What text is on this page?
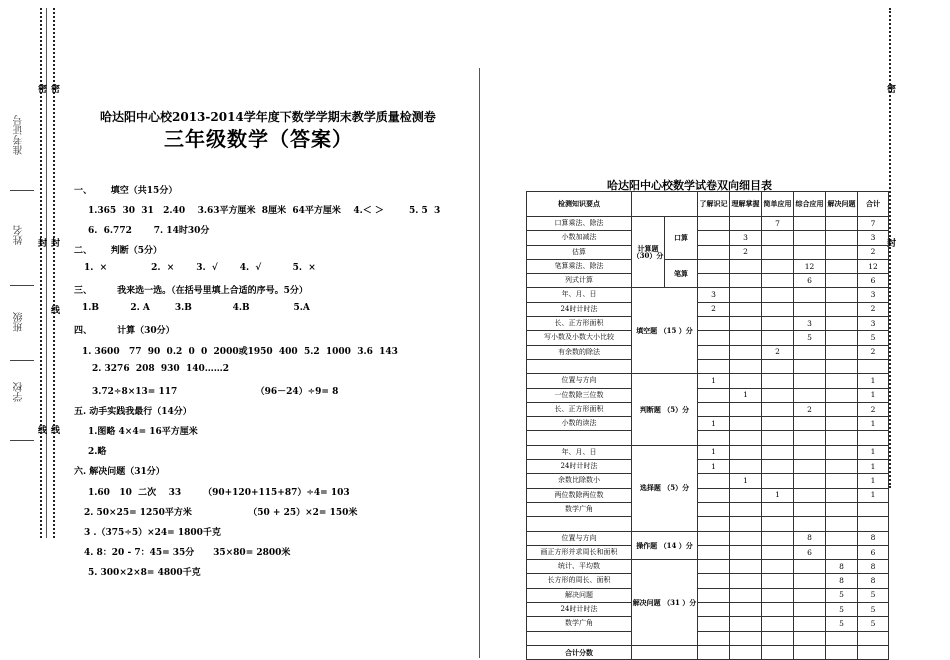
准考证号
姓名
班级
学校
密 密
封 封
线
线 线
密
封
哈达阳中心校2013-2014学年度下数学学期末教学质量检测卷
三年级数学（答案）
一、      填空（共15分）
1.365  30  31   2.40    3.63平方厘米  8厘米  64平方厘米    4.＜ ＞        5. 5  3
6.  6.772       7. 14时30分
二、      判断（5分）
1.  ×              2.  ×       3.  √       4.  √          5.  ×
三、        我来选一选。（在括号里填上合适的序号。5分）
1.B          2. A        3.B             4.B              5.A
四、        计算（30分）
1. 3600   77  90  0.2  0  0  2000或1950  400  5.2  1000  3.6  143
2. 3276  208  930  140……2
3.72÷8×13= 117                         （96－24）÷9= 8
五. 动手实践我最行（14分）
1.图略 4×4= 16平方厘米
2.略
六. 解决问题（31分）
1.60   10  二次    33       （90+120+115+87）÷4= 103
2. 50×25= 1250平方米                  （50 + 25）×2= 150米
3 .（375÷5）×24= 1800千克
4. 8：20 - 7：45= 35分      35×80= 2800米
5. 300×2×8= 4800千克
哈达阳中心校数学试卷双向细目表
检测知识要点			了解识记	理解掌握	简单应用	综合应用	解决问题	合计
口算乘法、除法	计算题（30）分	口算			7			7
小数加减法				3				3
估算				2				2
笔算乘法、除法		笔算				12		12
列式计算						6		6
年、月、日	填空题 （15 ）分		3					3
24时计时法			2					2
长、正方形面积						3		3
写小数及小数大小比较						5		5
有余数的除法					2			2

位置与方向	判断题 （5）分		1					1
一位数除三位数				1				1
长、正方形面积						2		2
小数的读法			1					1

年、月、日	选择题 （5）分		1					1
24时计时法			1					1
余数比除数小				1				1
两位数除两位数					1			1
数学广角								

位置与方向	操作题 （14 ）分					8		8
画正方形并求周长和面积						6		6
统计、平均数	解决问题 （31 ）分						8	8
长方形的周长、面积							8	8
解决问题							5	5
24时计时法							5	5
数学广角							5	5

合计分数								
